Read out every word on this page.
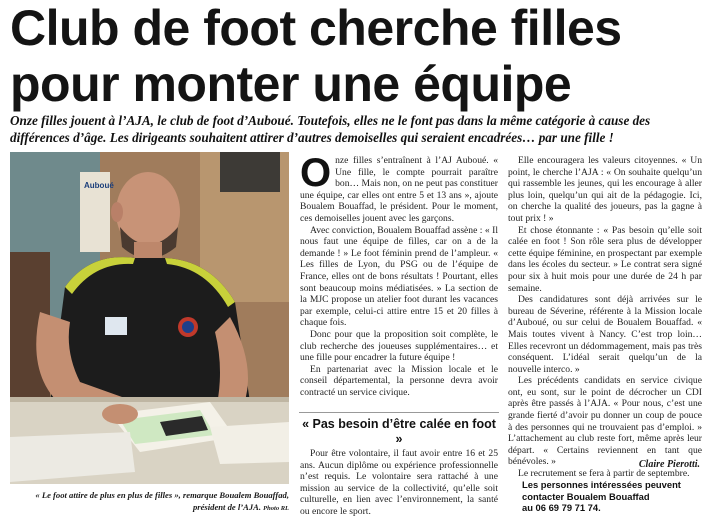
Club de foot cherche filles
pour monter une équipe

Onze filles jouent à l’AJA, le club de foot d’Auboué. Toutefois, elles ne le font pas dans la même catégorie à cause des différences d’âge. Les dirigeants souhaitent attirer d’autres demoiselles qui seraient encadrées… par une fille !

Auboué

« Le foot attire de plus en plus de filles », remarque Boualem Bouaffad, président de l’AJA. Photo RL

Onze filles s’entraînent à l’AJ Auboué. « Une fille, le compte pourrait paraître bon… Mais non, on ne peut pas constituer une équipe, car elles ont entre 5 et 13 ans », ajoute Boualem Bouaffad, le président. Pour le moment, ces demoiselles jouent avec les garçons.

Avec conviction, Boualem Bouaffad assène : « Il nous faut une équipe de filles, car on a de la demande ! » Le foot féminin prend de l’ampleur. « Les filles de Lyon, du PSG ou de l’équipe de France, elles ont de bons résultats ! Pourtant, elles sont beaucoup moins médiatisées. » La section de la MJC propose un atelier foot durant les vacances par exemple, celui-ci attire entre 15 et 20 filles à chaque fois.

Donc pour que la proposition soit complète, le club recherche des joueuses supplémentaires… et une fille pour encadrer la future équipe !

En partenariat avec la Mission locale et le conseil départemental, la personne devra avoir contracté un service civique.

« Pas besoin d’être calée en foot »

Pour être volontaire, il faut avoir entre 16 et 25 ans. Aucun diplôme ou expérience professionnelle n’est requis. Le volontaire sera rattaché à une mission au service de la collectivité, qu’elle soit culturelle, en lien avec l’environnement, la santé ou encore le sport.

Elle encouragera les valeurs citoyennes. « Un point, le cherche l’AJA : « On souhaite quelqu’un qui rassemble les jeunes, qui les encourage à aller plus loin, quelqu’un qui ait de la pédagogie. Ici, on cherche la qualité des joueurs, pas la gagne à tout prix ! »

Et chose étonnante : « Pas besoin qu’elle soit calée en foot ! Son rôle sera plus de développer cette équipe féminine, en prospectant par exemple dans les écoles du secteur. » Le contrat sera signé pour six à huit mois pour une durée de 24 h par semaine.

Des candidatures sont déjà arrivées sur le bureau de Séverine, référente à la Mission locale d’Auboué, ou sur celui de Boualem Bouaffad. « Mais toutes vivent à Nancy. C’est trop loin… Elles recevront un dédommagement, mais pas très conséquent. L’idéal serait quelqu’un de la nouvelle interco. »

Les précédents candidats en service civique ont, eu sont, sur le point de décrocher un CDI après être passés à l’AJA. « Pour nous, c’est une grande fierté d’avoir pu donner un coup de pouce à des personnes qui ne trouvaient pas d’emploi. » L’attachement au club reste fort, même après leur départ. « Certains reviennent en tant que bénévoles. »

Le recrutement se fera à partir de septembre.

Claire Pierotti.
Les personnes intéressées peuvent
contacter Boualem Bouaffad
au 06 69 79 71 74.
